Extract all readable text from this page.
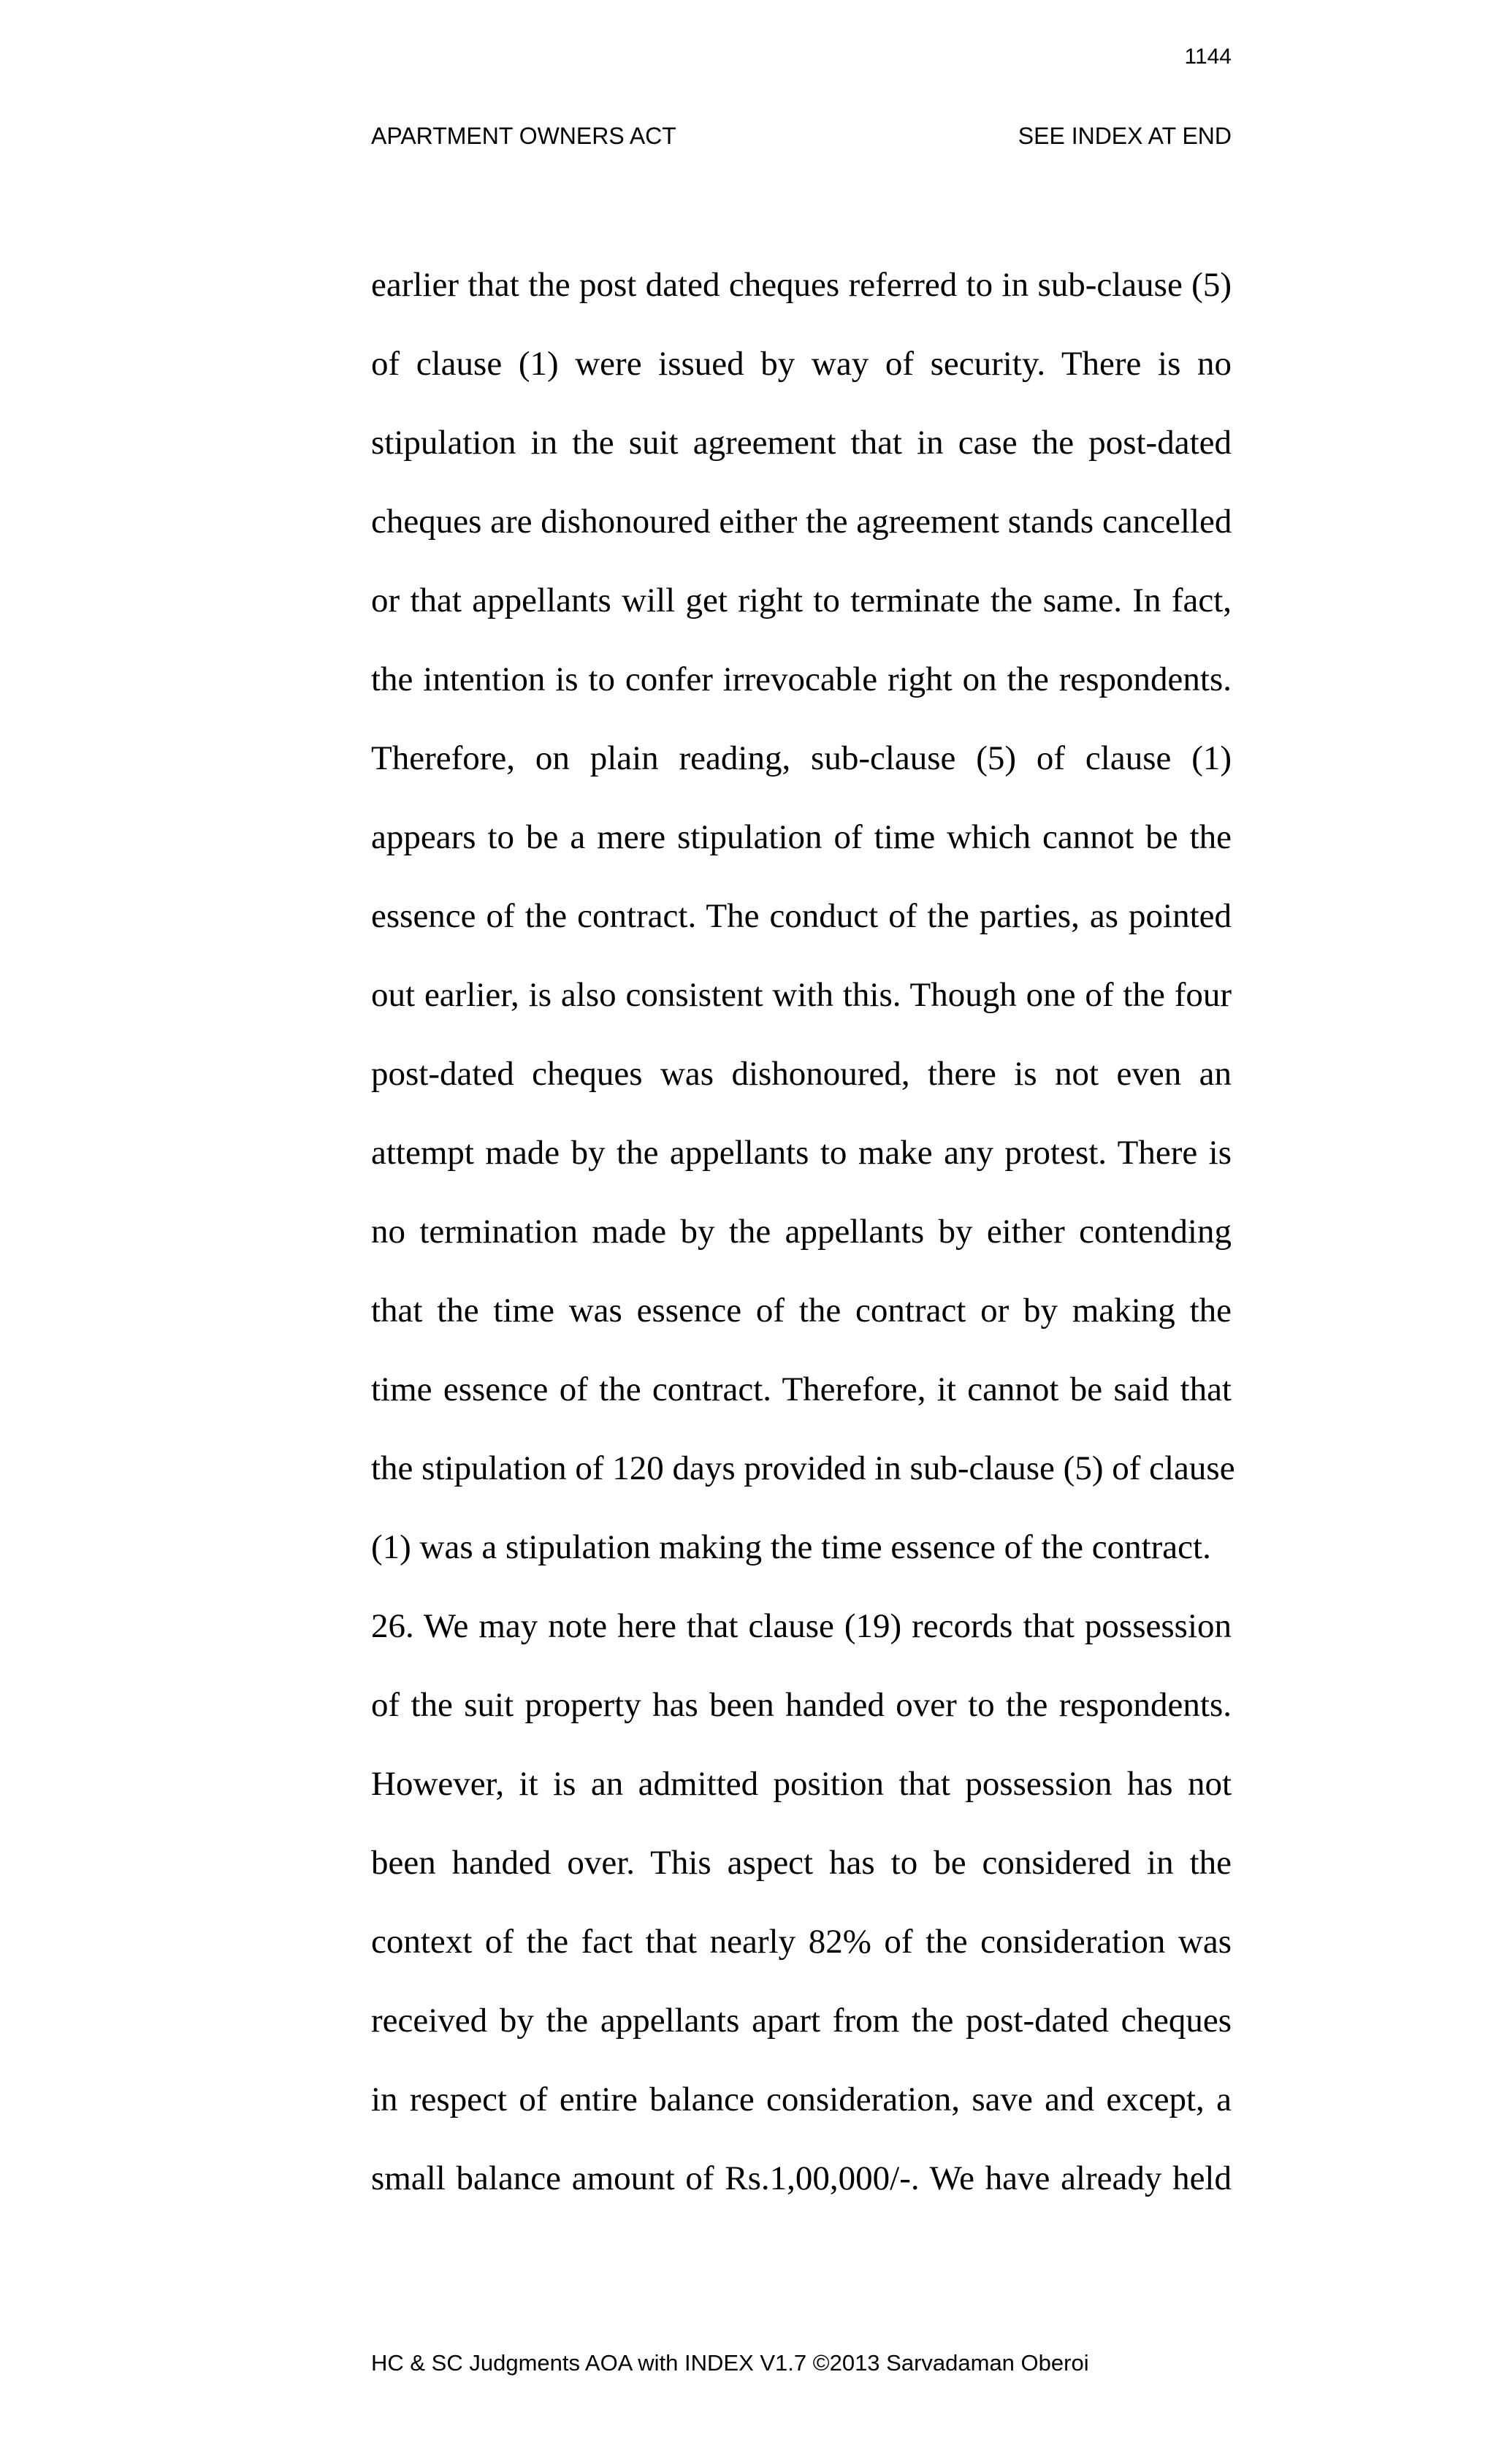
1144
APARTMENT OWNERS ACT	SEE INDEX AT END
earlier that the post dated cheques referred to in sub-clause (5)
of clause (1) were issued by way of security. There is no
stipulation in the suit agreement that in case the post-dated
cheques are dishonoured either the agreement stands cancelled
or that appellants will get right to terminate the same. In fact,
the intention is to confer irrevocable right on the respondents.
Therefore, on plain reading, sub-clause (5) of clause (1)
appears to be a mere stipulation of time which cannot be the
essence of the contract. The conduct of the parties, as pointed
out earlier, is also consistent with this. Though one of the four
post-dated cheques was dishonoured, there is not even an
attempt made by the appellants to make any protest. There is
no termination made by the appellants by either contending
that the time was essence of the contract or by making the
time essence of the contract. Therefore, it cannot be said that
the stipulation of 120 days provided in sub-clause (5) of clause
(1) was a stipulation making the time essence of the contract.
26. We may note here that clause (19) records that possession
of the suit property has been handed over to the respondents.
However, it is an admitted position that possession has not
been handed over. This aspect has to be considered in the
context of the fact that nearly 82% of the consideration was
received by the appellants apart from the post-dated cheques
in respect of entire balance consideration, save and except, a
small balance amount of Rs.1,00,000/-. We have already held
HC & SC Judgments AOA with INDEX V1.7 ©2013 Sarvadaman Oberoi
